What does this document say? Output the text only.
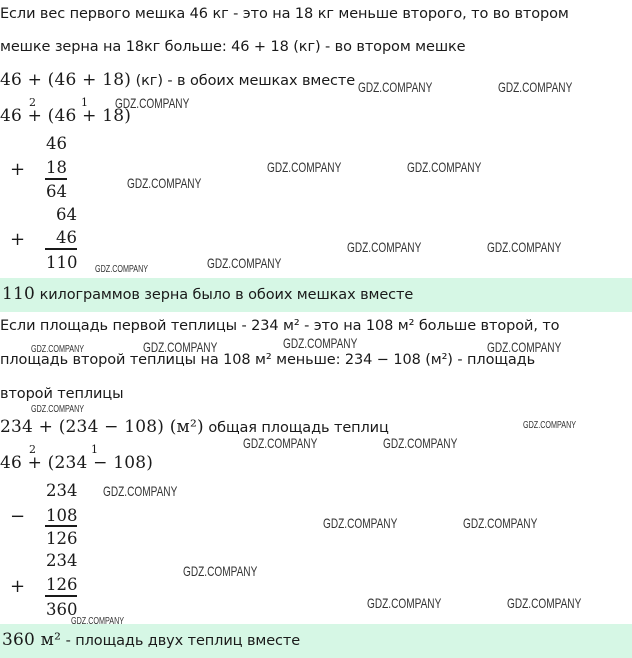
Если вес первого мешка 46 кг - это на 18 кг меньше второго, то во втором
мешке зерна на 18кг больше: 46 + 18 (кг) - во втором мешке
46 + (46 + 18) (кг) - в обоих мешках вместе
2	1
46 + (46 + 18)
46
+ 18
64
64
+ 46
110
110 килограммов зерна было в обоих мешках вместе
Если площадь первой теплицы - 234 м² - это на 108 м² больше второй, то
площадь второй теплицы на 108 м² меньше: 234 − 108 (м²) - площадь
второй теплицы
234 + (234 − 108) (м²) общая площадь теплиц
2	1
46 + (234 − 108)
234
− 108
126
234
+ 126
360
360 м² - площадь двух теплиц вместе
GDZ.COMPANY	GDZ.COMPANY
GDZ.COMPANY
GDZ.COMPANY	GDZ.COMPANY
GDZ.COMPANY
GDZ.COMPANY	GDZ.COMPANY
GDZ.COMPANY
GDZ.COMPANY
GDZ.COMPANY
GDZ.COMPANY	GDZ.COMPANY
GDZ.COMPANY
GDZ.COMPANY
GDZ.COMPANY
GDZ.COMPANY	GDZ.COMPANY
GDZ.COMPANY
GDZ.COMPANY	GDZ.COMPANY
GDZ.COMPANY
GDZ.COMPANY	GDZ.COMPANY
GDZ.COMPANY
